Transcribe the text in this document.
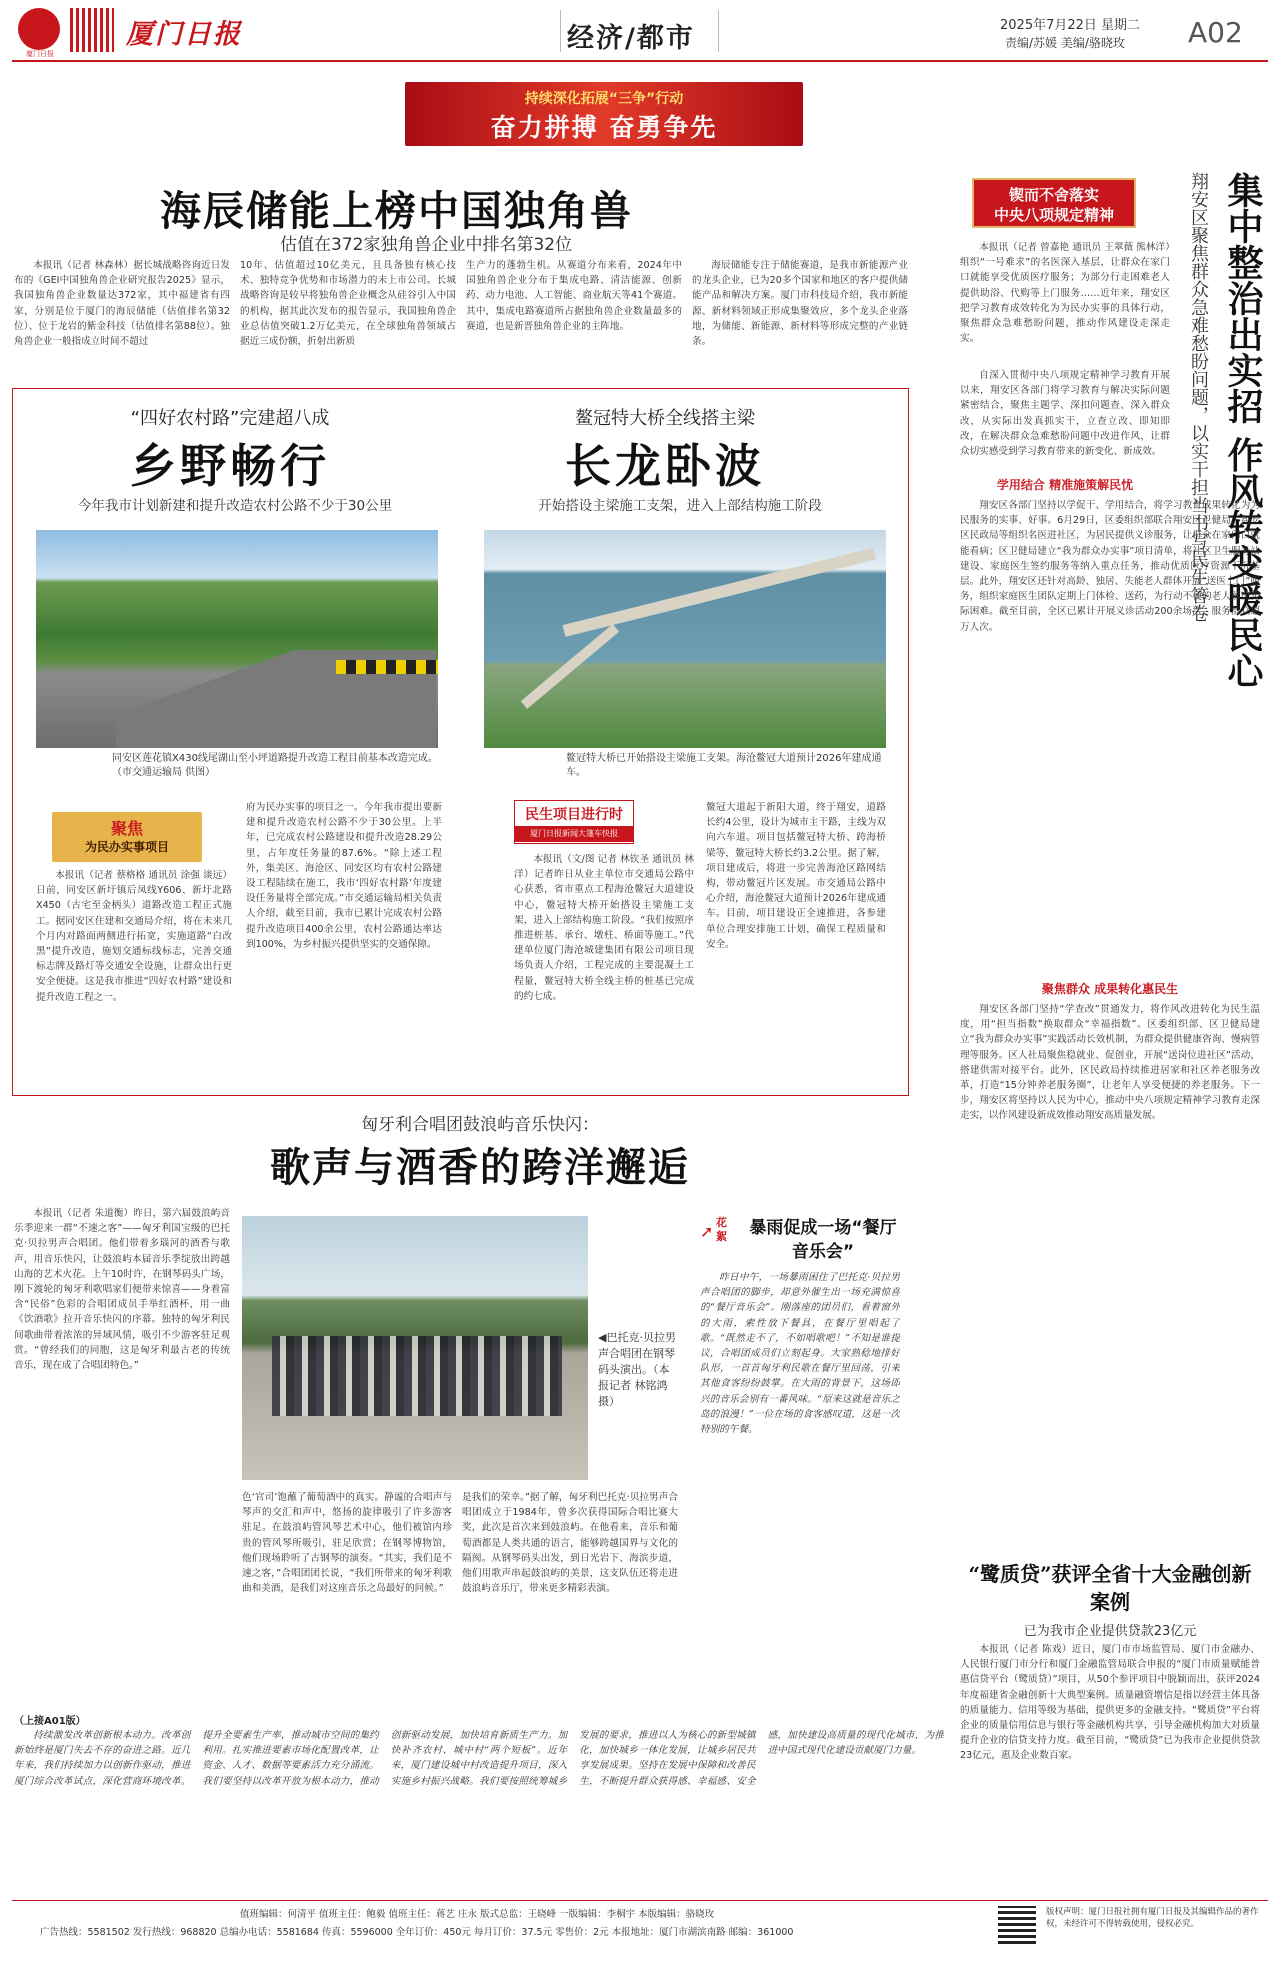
厦门日报
厦门日报	经济/都市	2025年7月22日 星期二
责编/苏媛 美编/骆晓玫 A02
持续深化拓展“三争”行动
奋力拼搏 奋勇争先
海辰储能上榜中国独角兽
估值在372家独角兽企业中排名第32位
本报讯（记者 林森林）据长城战略咨询近日发布的《GEI中国独角兽企业研究报告2025》显示，我国独角兽企业数量达372家，其中福建省有四家，分别是位于厦门的海辰储能（估值排名第32位）、位于龙岩的紫金科技（估值排名第88位）。独角兽企业一般指成立时间不超过
10年、估值超过10亿美元，且具备独有核心技术、独特竞争优势和市场潜力的未上市公司。长城战略咨询是较早将独角兽企业概念从硅谷引入中国的机构，据其此次发布的报告显示，我国独角兽企业总估值突破1.2万亿美元，在全球独角兽领域占据近三成份额，折射出新质
生产力的蓬勃生机。从赛道分布来看，2024年中国独角兽企业分布于集成电路、清洁能源、创新药、动力电池、人工智能、商业航天等41个赛道。其中，集成电路赛道所占据独角兽企业数量最多的赛道，也是新晋独角兽企业的主阵地。
海辰储能专注于储能赛道，是我市新能源产业的龙头企业，已为20多个国家和地区的客户提供储能产品和解决方案。厦门市科技局介绍，我市新能源、新材料领域正形成集聚效应，多个龙头企业落地，为储能、新能源、新材料等形成完整的产业链条。
“四好农村路”完建超八成
乡野畅行
今年我市计划新建和提升改造农村公路不少于30公里
同安区莲花镇X430线尾湖山至小坪道路提升改造工程目前基本改造完成。（市交通运输局 供图）
聚焦
为民办实事项目
本报讯（记者 蔡格格 通讯员 涂强 谈远）日前，同安区新圩镇后凤线Y606、新圩北路X450（古宅至金柄头）道路改造工程正式施工。据同安区住建和交通局介绍，将在未来几个月内对路面两侧进行拓宽，实施道路“白改黑”提升改造，施划交通标线标志，完善交通标志牌及路灯等交通安全设施，让群众出行更安全便捷。这是我市推进“四好农村路”建设和提升改造工程之一。
府为民办实事的项目之一。今年我市提出要新建和提升改造农村公路不少于30公里。上半年，已完成农村公路建设和提升改造28.29公里，占年度任务量的87.6%。“除上述工程外，集美区、海沧区、同安区均有农村公路建设工程陆续在施工，我市‘四好农村路’年度建设任务量将全部完成。”市交通运输局相关负责人介绍，截至目前，我市已累计完成农村公路提升改造项目400余公里，农村公路通达率达到100%，为乡村振兴提供坚实的交通保障。
鳌冠特大桥全线搭主梁
长龙卧波
开始搭设主梁施工支架，进入上部结构施工阶段
鳌冠特大桥已开始搭设主梁施工支架。海沧鳌冠大道预计2026年建成通车。
民生项目进行时
厦门日报新闻大篷车快报
本报讯（文/图 记者 林钦圣 通讯员 林洋）记者昨日从业主单位市交通局公路中心获悉，省市重点工程海沧鳌冠大道建设中心，鳌冠特大桥开始搭设主梁施工支架，进入上部结构施工阶段。“我们按照序推进桩基、承台、墩柱、桥面等施工。”代建单位厦门海沧城建集团有限公司项目现场负责人介绍，工程完成的主要混凝土工程量，鳌冠特大桥全线主桥的桩基已完成的约七成。
鳌冠大道起于新阳大道，终于翔安，道路长约4公里，设计为城市主干路，主线为双向六车道。项目包括鳌冠特大桥、跨海桥梁等，鳌冠特大桥长约3.2公里。据了解，项目建成后，将进一步完善海沧区路网结构，带动鳌冠片区发展。市交通局公路中心介绍，海沧鳌冠大道预计2026年建成通车。目前，项目建设正全速推进，各参建单位合理安排施工计划，确保工程质量和安全。
锲而不舍落实
中央八项规定精神	集中整治出实招 作风转变暖民心
翔安区聚焦群众急难愁盼问题，以实干担当书写民生答卷
本报讯（记者 曾嘉艳 通讯员 王翠薇 熊林洋）组织“一号难求”的名医深入基层，让群众在家门口就能享受优质医疗服务；为部分行走困难老人提供助浴、代购等上门服务……近年来，翔安区把学习教育成效转化为为民办实事的具体行动，聚焦群众急难愁盼问题，推动作风建设走深走实。
自深入贯彻中央八项规定精神学习教育开展以来，翔安区各部门将学习教育与解决实际问题紧密结合，聚焦主题学、深扣问题查、深入群众改，从实际出发真抓实干，立查立改、即知即改，在解决群众急难愁盼问题中改进作风，让群众切实感受到学习教育带来的新变化、新成效。
学用结合 精准施策解民忧
翔安区各部门坚持以学促干、学用结合，将学习教育成果转化为为民服务的实事、好事。6月29日，区委组织部联合翔安区卫健局、翔安区民政局等组织名医进社区，为居民提供义诊服务，让群众在家门口就能看病；区卫健局建立“我为群众办实事”项目清单，将社区卫生服务站建设、家庭医生签约服务等纳入重点任务，推动优质医疗资源下沉基层。此外，翔安区还针对高龄、独居、失能老人群体开展“送医上门”服务，组织家庭医生团队定期上门体检、送药，为行动不便的老人解决实际困难。截至目前，全区已累计开展义诊活动200余场次，服务群众超万人次。
聚焦群众 成果转化惠民生
翔安区各部门坚持“学查改”贯通发力，将作风改进转化为民生温度，用“担当指数”换取群众“幸福指数”。区委组织部、区卫健局建立“我为群众办实事”实践活动长效机制，为群众提供健康咨询、慢病管理等服务。区人社局聚焦稳就业、促创业，开展“送岗位进社区”活动，搭建供需对接平台。此外，区民政局持续推进居家和社区养老服务改革，打造“15分钟养老服务圈”，让老年人享受便捷的养老服务。下一步，翔安区将坚持以人民为中心，推动中央八项规定精神学习教育走深走实，以作风建设新成效推动翔安高质量发展。
匈牙利合唱团鼓浪屿音乐快闪：
歌声与酒香的跨洋邂逅
本报讯（记者 朱道衡）昨日，第六届鼓浪屿音乐季迎来一群“不速之客”——匈牙利国宝级的巴托克·贝拉男声合唱团。他们带着多瑙河的酒香与歌声，用音乐快闪，让鼓浪屿本届音乐季绽放出跨越山海的艺术火花。上午10时许，在钢琴码头广场，刚下渡轮的匈牙利歌唱家们便带来惊喜——身着富含“民俗”色彩的合唱团成员手举红酒杯，用一曲《饮酒歌》拉开音乐快闪的序幕。独特的匈牙利民间歌曲带着浓浓的异域风情，吸引不少游客驻足观赏。“曾经我们的同胞，这是匈牙利最古老的传统音乐，现在成了合唱团特色。”
◀巴托克·贝拉男声合唱团在钢琴码头演出。（本报记者 林铭鸿 摄）
色‘官司’饱蘸了葡萄酒中的真实。静谧的合唱声与琴声的交汇和声中，悠扬的旋律吸引了许多游客驻足。在鼓浪屿管风琴艺术中心，他们被馆内珍贵的管风琴所吸引，驻足欣赏；在钢琴博物馆，他们现场聆听了古钢琴的演奏。“其实，我们是不速之客，”合唱团团长说，“我们所带来的匈牙利歌曲和美酒，是我们对这座音乐之岛最好的问候。”
是我们的荣幸。”据了解，匈牙利巴托克·贝拉男声合唱团成立于1984年，曾多次获得国际合唱比赛大奖，此次是首次来到鼓浪屿。在他看来，音乐和葡萄酒都是人类共通的语言，能够跨越国界与文化的隔阂。从钢琴码头出发，到日光岩下、海滨步道，他们用歌声串起鼓浪屿的美景，这支队伍还将走进鼓浪屿音乐厅，带来更多精彩表演。
➚ 花絮	暴雨促成一场“餐厅音乐会”
昨日中午，一场暴雨困住了巴托克·贝拉男声合唱团的脚步，却意外催生出一场充满惊喜的“餐厅音乐会”。刚落座的团员们，看着窗外的大雨，索性放下餐具，在餐厅里唱起了歌。“既然走不了，不如唱歌吧！”不知是谁提议，合唱团成员们立刻起身。大家熟稔地排好队形，一首首匈牙利民歌在餐厅里回荡，引来其他食客纷纷鼓掌。在大雨的背景下，这场即兴的音乐会别有一番风味。“原来这就是音乐之岛的浪漫！”一位在场的食客感叹道，这是一次特别的午餐。
“鹭质贷”获评全省十大金融创新案例
已为我市企业提供贷款23亿元
本报讯（记者 陈戏）近日，厦门市市场监管局、厦门市金融办、人民银行厦门市分行和厦门金融监管局联合申报的“厦门市质量赋能普惠信贷平台（鹭质贷）”项目，从50个参评项目中脱颖而出，获评2024年度福建省金融创新十大典型案例。质量融资增信是指以经营主体具备的质量能力、信用等级为基础，提供更多的金融支持。“鹭质贷”平台将企业的质量信用信息与银行等金融机构共享，引导金融机构加大对质量提升企业的信贷支持力度。截至目前，“鹭质贷”已为我市企业提供贷款23亿元，惠及企业数百家。
（上接A01版）
持续激发改革创新根本动力。改革创新始终是厦门失去不存的奋进之路。近几年来，我们持续加力以创新作驱动，推进厦门综合改革试点，深化营商环境改革。提升全要素生产率，推动城市空间的集约利用。扎实推进要素市场化配置改革，让资金、人才、数据等要素活力充分涌流。我们要坚持以改革开放为根本动力，推动创新驱动发展，加快培育新质生产力。加快补齐农村、城中村“两个短板”。近年来，厦门建设城中村改造提升项目，深入实施乡村振兴战略。我们要按照统筹城乡发展的要求，推进以人为核心的新型城镇化，加快城乡一体化发展，让城乡居民共享发展成果。坚持在发展中保障和改善民生，不断提升群众获得感、幸福感、安全感，加快建设高质量的现代化城市，为推进中国式现代化建设贡献厦门力量。
值班编辑：何清平 值班主任：鲍毅 值班主任：蒋艺 庄永 版式总监：王晓峰 一版编辑：李桐宇 本版编辑：骆晓玫
广告热线：5581502 发行热线：968820 总编办电话：5581684 传真：5596000 全年订价：450元 每月订价：37.5元 零售价：2元 本报地址：厦门市湖滨南路 邮编：361000
版权声明：厦门日报社拥有厦门日报及其编辑作品的著作权，未经许可不得转载使用，侵权必究。
